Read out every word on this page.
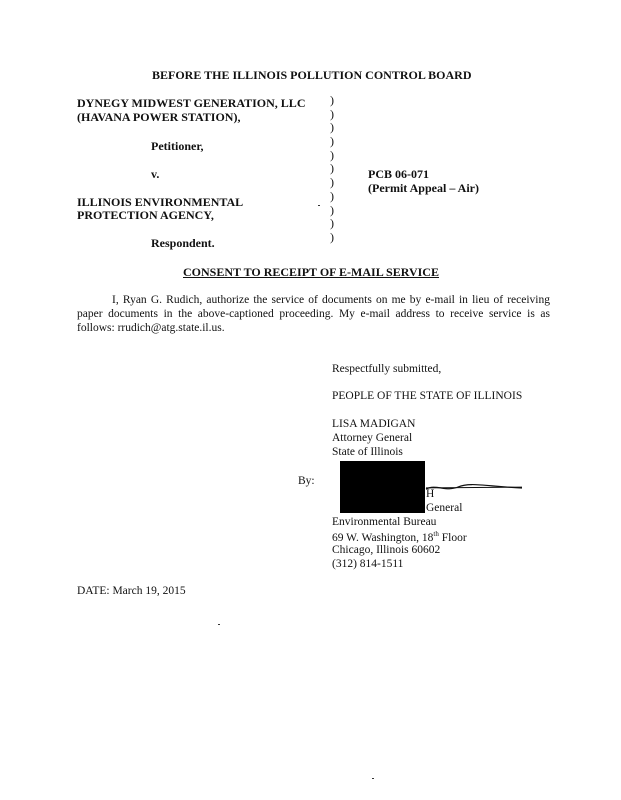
BEFORE THE ILLINOIS POLLUTION CONTROL BOARD
DYNEGY MIDWEST GENERATION, LLC
(HAVANA POWER STATION),
Petitioner,
v.
ILLINOIS ENVIRONMENTAL
PROTECTION AGENCY,
Respondent.
)
)
)
)
)
)
)
)
)
)
)
PCB 06-071
(Permit Appeal – Air)
CONSENT TO RECEIPT OF E-MAIL SERVICE
I, Ryan G. Rudich, authorize the service of documents on me by e-mail in lieu of receiving paper documents in the above-captioned proceeding. My e-mail address to receive service is as follows: rrudich@atg.state.il.us.
Respectfully submitted,
PEOPLE OF THE STATE OF ILLINOIS
LISA MADIGAN
Attorney General
State of Illinois
By:
H
General
Environmental Bureau
69 W. Washington, 18th Floor
Chicago, Illinois 60602
(312) 814-1511
DATE: March 19, 2015
